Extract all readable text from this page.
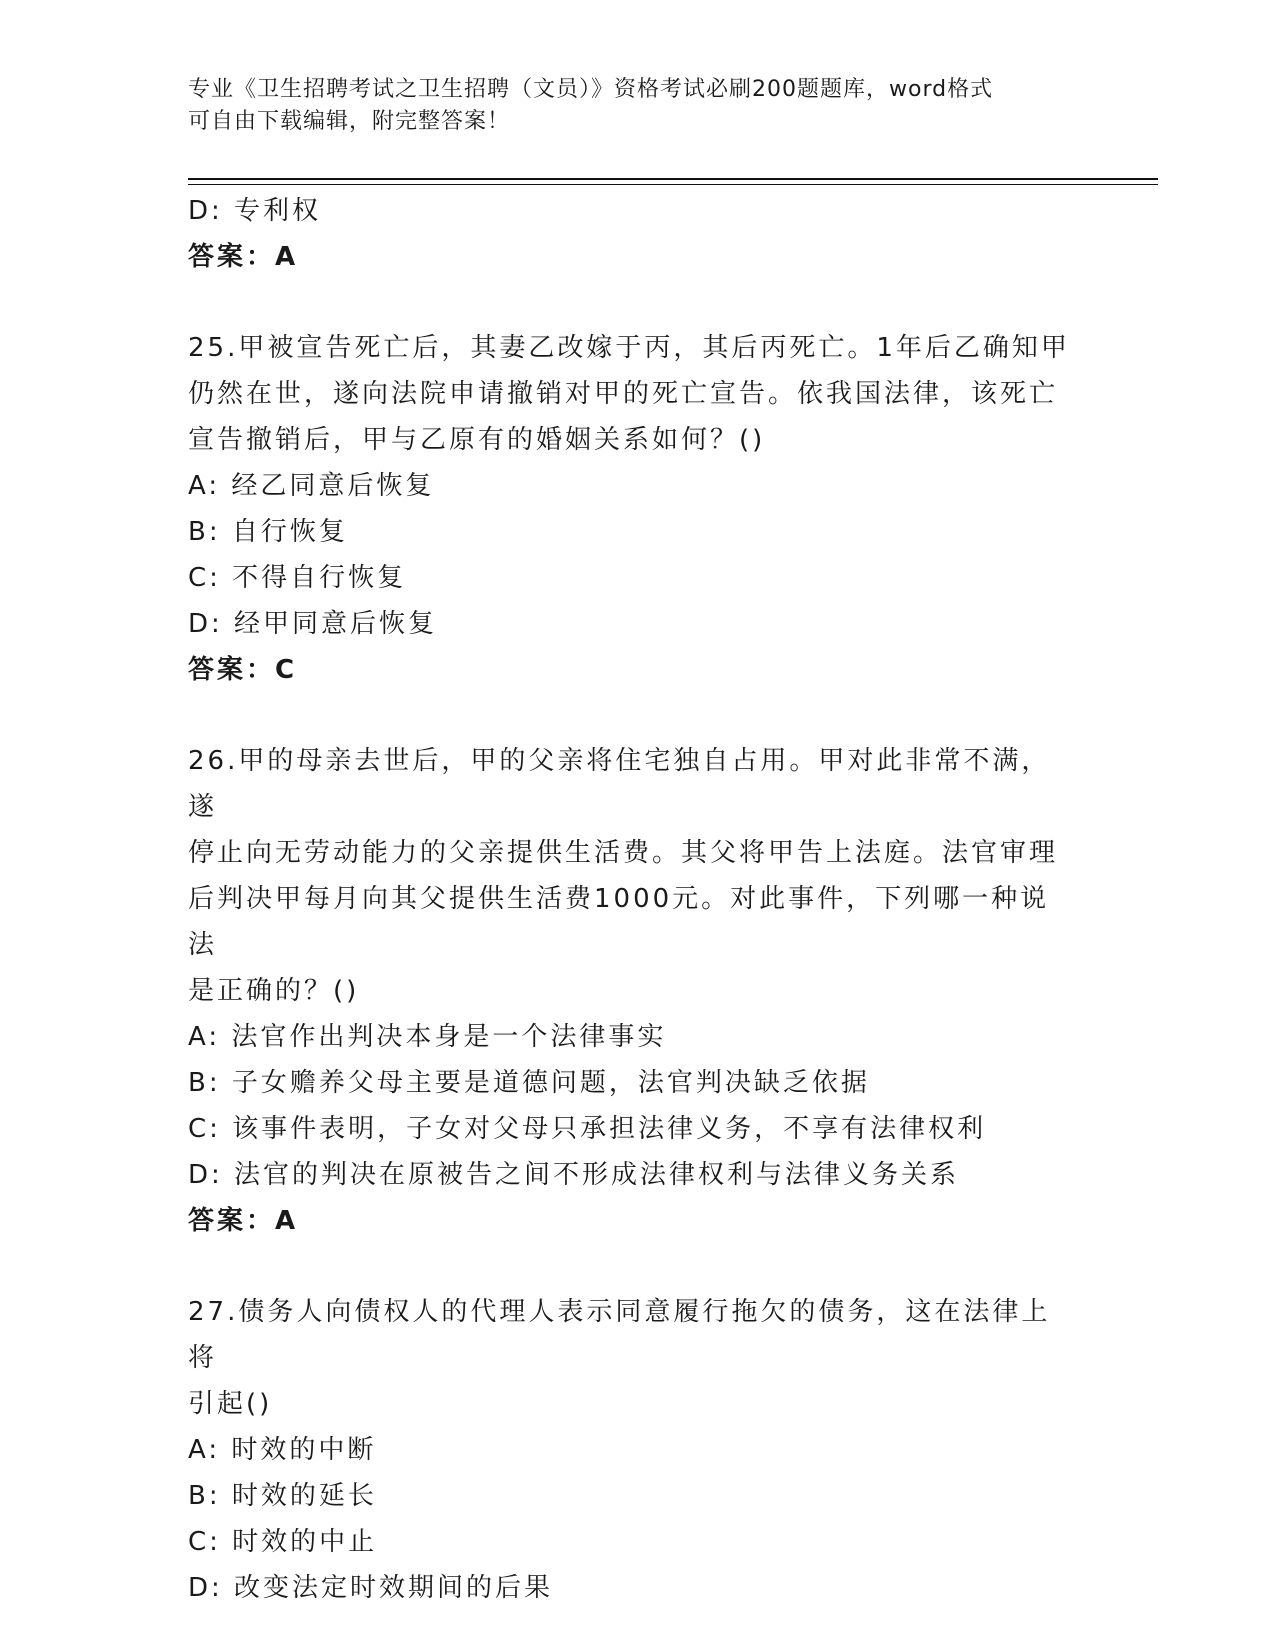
专业《卫生招聘考试之卫生招聘（文员）》资格考试必刷200题题库，word格式
可自由下载编辑，附完整答案！
D: 专利权
答案：A
25.甲被宣告死亡后，其妻乙改嫁于丙，其后丙死亡。1年后乙确知甲
仍然在世，遂向法院申请撤销对甲的死亡宣告。依我国法律，该死亡
宣告撤销后，甲与乙原有的婚姻关系如何？()
A: 经乙同意后恢复
B: 自行恢复
C: 不得自行恢复
D: 经甲同意后恢复
答案：C
26.甲的母亲去世后，甲的父亲将住宅独自占用。甲对此非常不满，遂
停止向无劳动能力的父亲提供生活费。其父将甲告上法庭。法官审理
后判决甲每月向其父提供生活费1000元。对此事件，下列哪一种说法
是正确的？()
A: 法官作出判决本身是一个法律事实
B: 子女赡养父母主要是道德问题，法官判决缺乏依据
C: 该事件表明，子女对父母只承担法律义务，不享有法律权利
D: 法官的判决在原被告之间不形成法律权利与法律义务关系
答案：A
27.债务人向债权人的代理人表示同意履行拖欠的债务，这在法律上将
引起()
A: 时效的中断
B: 时效的延长
C: 时效的中止
D: 改变法定时效期间的后果
